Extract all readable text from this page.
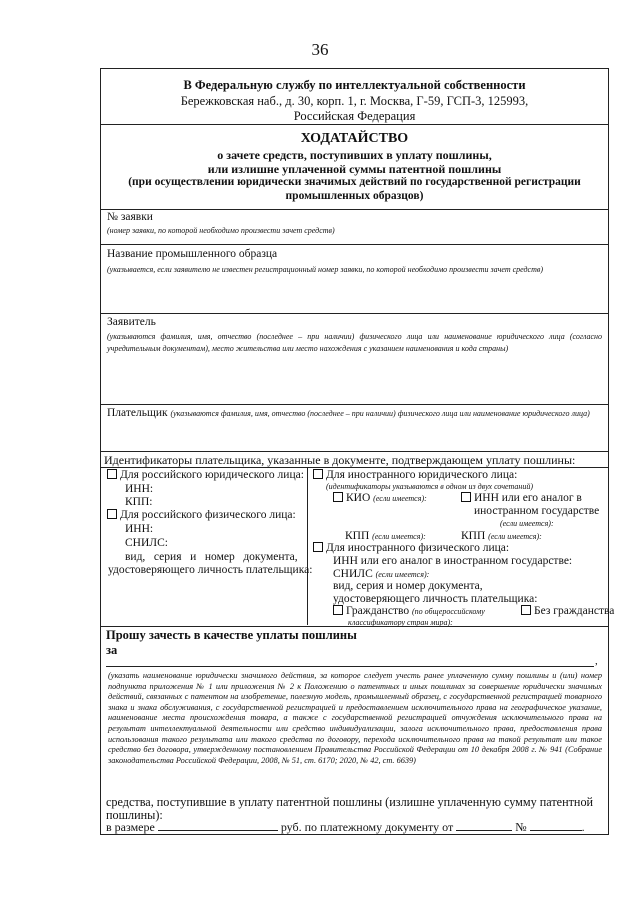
36
В Федеральную службу по интеллектуальной собственности
Бережковская наб., д. 30, корп. 1, г. Москва, Г-59, ГСП-3, 125993,
Российская Федерация
ХОДАТАЙСТВО
о зачете средств, поступивших в уплату пошлины,
или излишне уплаченной суммы патентной пошлины
(при осуществлении юридически значимых действий по государственной регистрации
промышленных образцов)
№ заявки
(номер заявки, по которой необходимо произвести зачет средств)
Название промышленного образца
(указывается, если заявителю не известен регистрационный номер заявки, по которой необходимо произвести зачет средств)
Заявитель
(указываются фамилия, имя, отчество (последнее – при наличии) физического лица или наименование юридического лица (согласно учредительным документам), место жительства или место нахождения с указанием наименования и кода страны)
Плательщик (указываются фамилия, имя, отчество (последнее – при наличии) физического лица или наименование юридического лица)
Идентификаторы плательщика, указанные в документе, подтверждающем уплату пошлины:
Для российского юридического лица:
ИНН:
КПП:
Для российского физического лица:
ИНН:
СНИЛС:
вид,   серия   и   номер   документа,
удостоверяющего личность плательщика:
Для иностранного юридического лица:
(идентификаторы указываются в одном из двух сочетаний)
КИО (если имеется):	ИНН или его аналог в
иностранном государстве
(если имеется):
КПП (если имеется):	КПП (если имеется):
Для иностранного физического лица:
ИНН или его аналог в иностранном государстве:
СНИЛС (если имеется):
вид, серия и номер документа,
удостоверяющего личность плательщика:
Гражданство (по общероссийскому	Без гражданства
классификатору стран мира):
Прошу зачесть в качестве уплаты пошлины
за
,
(указать наименование юридически значимого действия, за которое следует учесть ранее уплаченную сумму пошлины и (или) номер подпункта приложения № 1 или приложения № 2 к Положению о патентных и иных пошлинах за совершение юридически значимых действий, связанных с патентом на изобретение, полезную модель, промышленный образец, с государственной регистрацией товарного знака и знака обслуживания, с государственной регистрацией и предоставлением исключительного права на географическое указание, наименование места происхождения товара, а также с государственной регистрацией отчуждения исключительного права на результат интеллектуальной деятельности или средство индивидуализации, залога исключительного права, предоставления права использования такого результата или такого средства по договору, перехода исключительного права на такой результат или такое средство без договора, утвержденному постановлением Правительства Российской Федерации от 10 декабря 2008 г. № 941 (Собрание законодательства Российской Федерации, 2008, № 51, ст. 6170; 2020, № 42, ст. 6639)
средства, поступившие в уплату патентной пошлины (излишне уплаченную сумму патентной
пошлины):
в размере	руб. по платежному документу от	№	.
